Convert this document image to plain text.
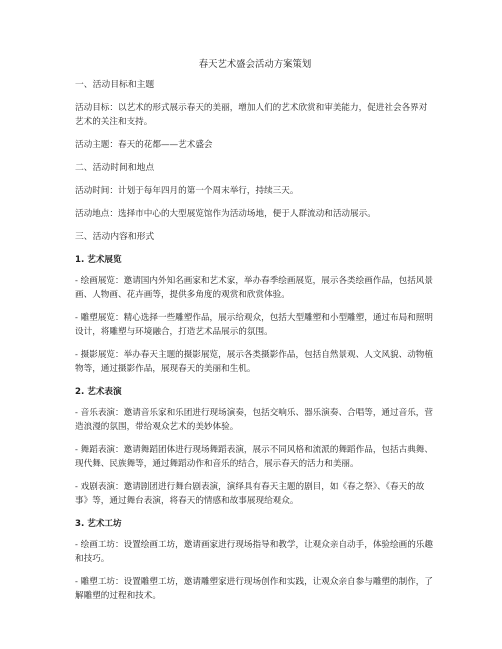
春天艺术盛会活动方案策划
一、活动目标和主题
活动目标：以艺术的形式展示春天的美丽，增加人们的艺术欣赏和审美能力，促进社会各界对艺术的关注和支持。
活动主题：春天的花都——艺术盛会
二、活动时间和地点
活动时间：计划于每年四月的第一个周末举行，持续三天。
活动地点：选择市中心的大型展览馆作为活动场地，便于人群流动和活动展示。
三、活动内容和形式
1. 艺术展览
- 绘画展览：邀请国内外知名画家和艺术家，举办春季绘画展览，展示各类绘画作品，包括风景画、人物画、花卉画等，提供多角度的观赏和欣赏体验。
- 雕塑展览：精心选择一些雕塑作品，展示给观众，包括大型雕塑和小型雕塑，通过布局和照明设计，将雕塑与环境融合，打造艺术品展示的氛围。
- 摄影展览：举办春天主题的摄影展览，展示各类摄影作品，包括自然景观、人文风貌、动物植物等，通过摄影作品，展现春天的美丽和生机。
2. 艺术表演
- 音乐表演：邀请音乐家和乐团进行现场演奏，包括交响乐、器乐演奏、合唱等，通过音乐，营造浪漫的氛围，带给观众艺术的美妙体验。
- 舞蹈表演：邀请舞蹈团体进行现场舞蹈表演，展示不同风格和流派的舞蹈作品，包括古典舞、现代舞、民族舞等，通过舞蹈动作和音乐的结合，展示春天的活力和美丽。
- 戏剧表演：邀请剧团进行舞台剧表演，演绎具有春天主题的剧目，如《春之祭》、《春天的故事》等，通过舞台表演，将春天的情感和故事展现给观众。
3. 艺术工坊
- 绘画工坊：设置绘画工坊，邀请画家进行现场指导和教学，让观众亲自动手，体验绘画的乐趣和技巧。
- 雕塑工坊：设置雕塑工坊，邀请雕塑家进行现场创作和实践，让观众亲自参与雕塑的制作，了解雕塑的过程和技术。
